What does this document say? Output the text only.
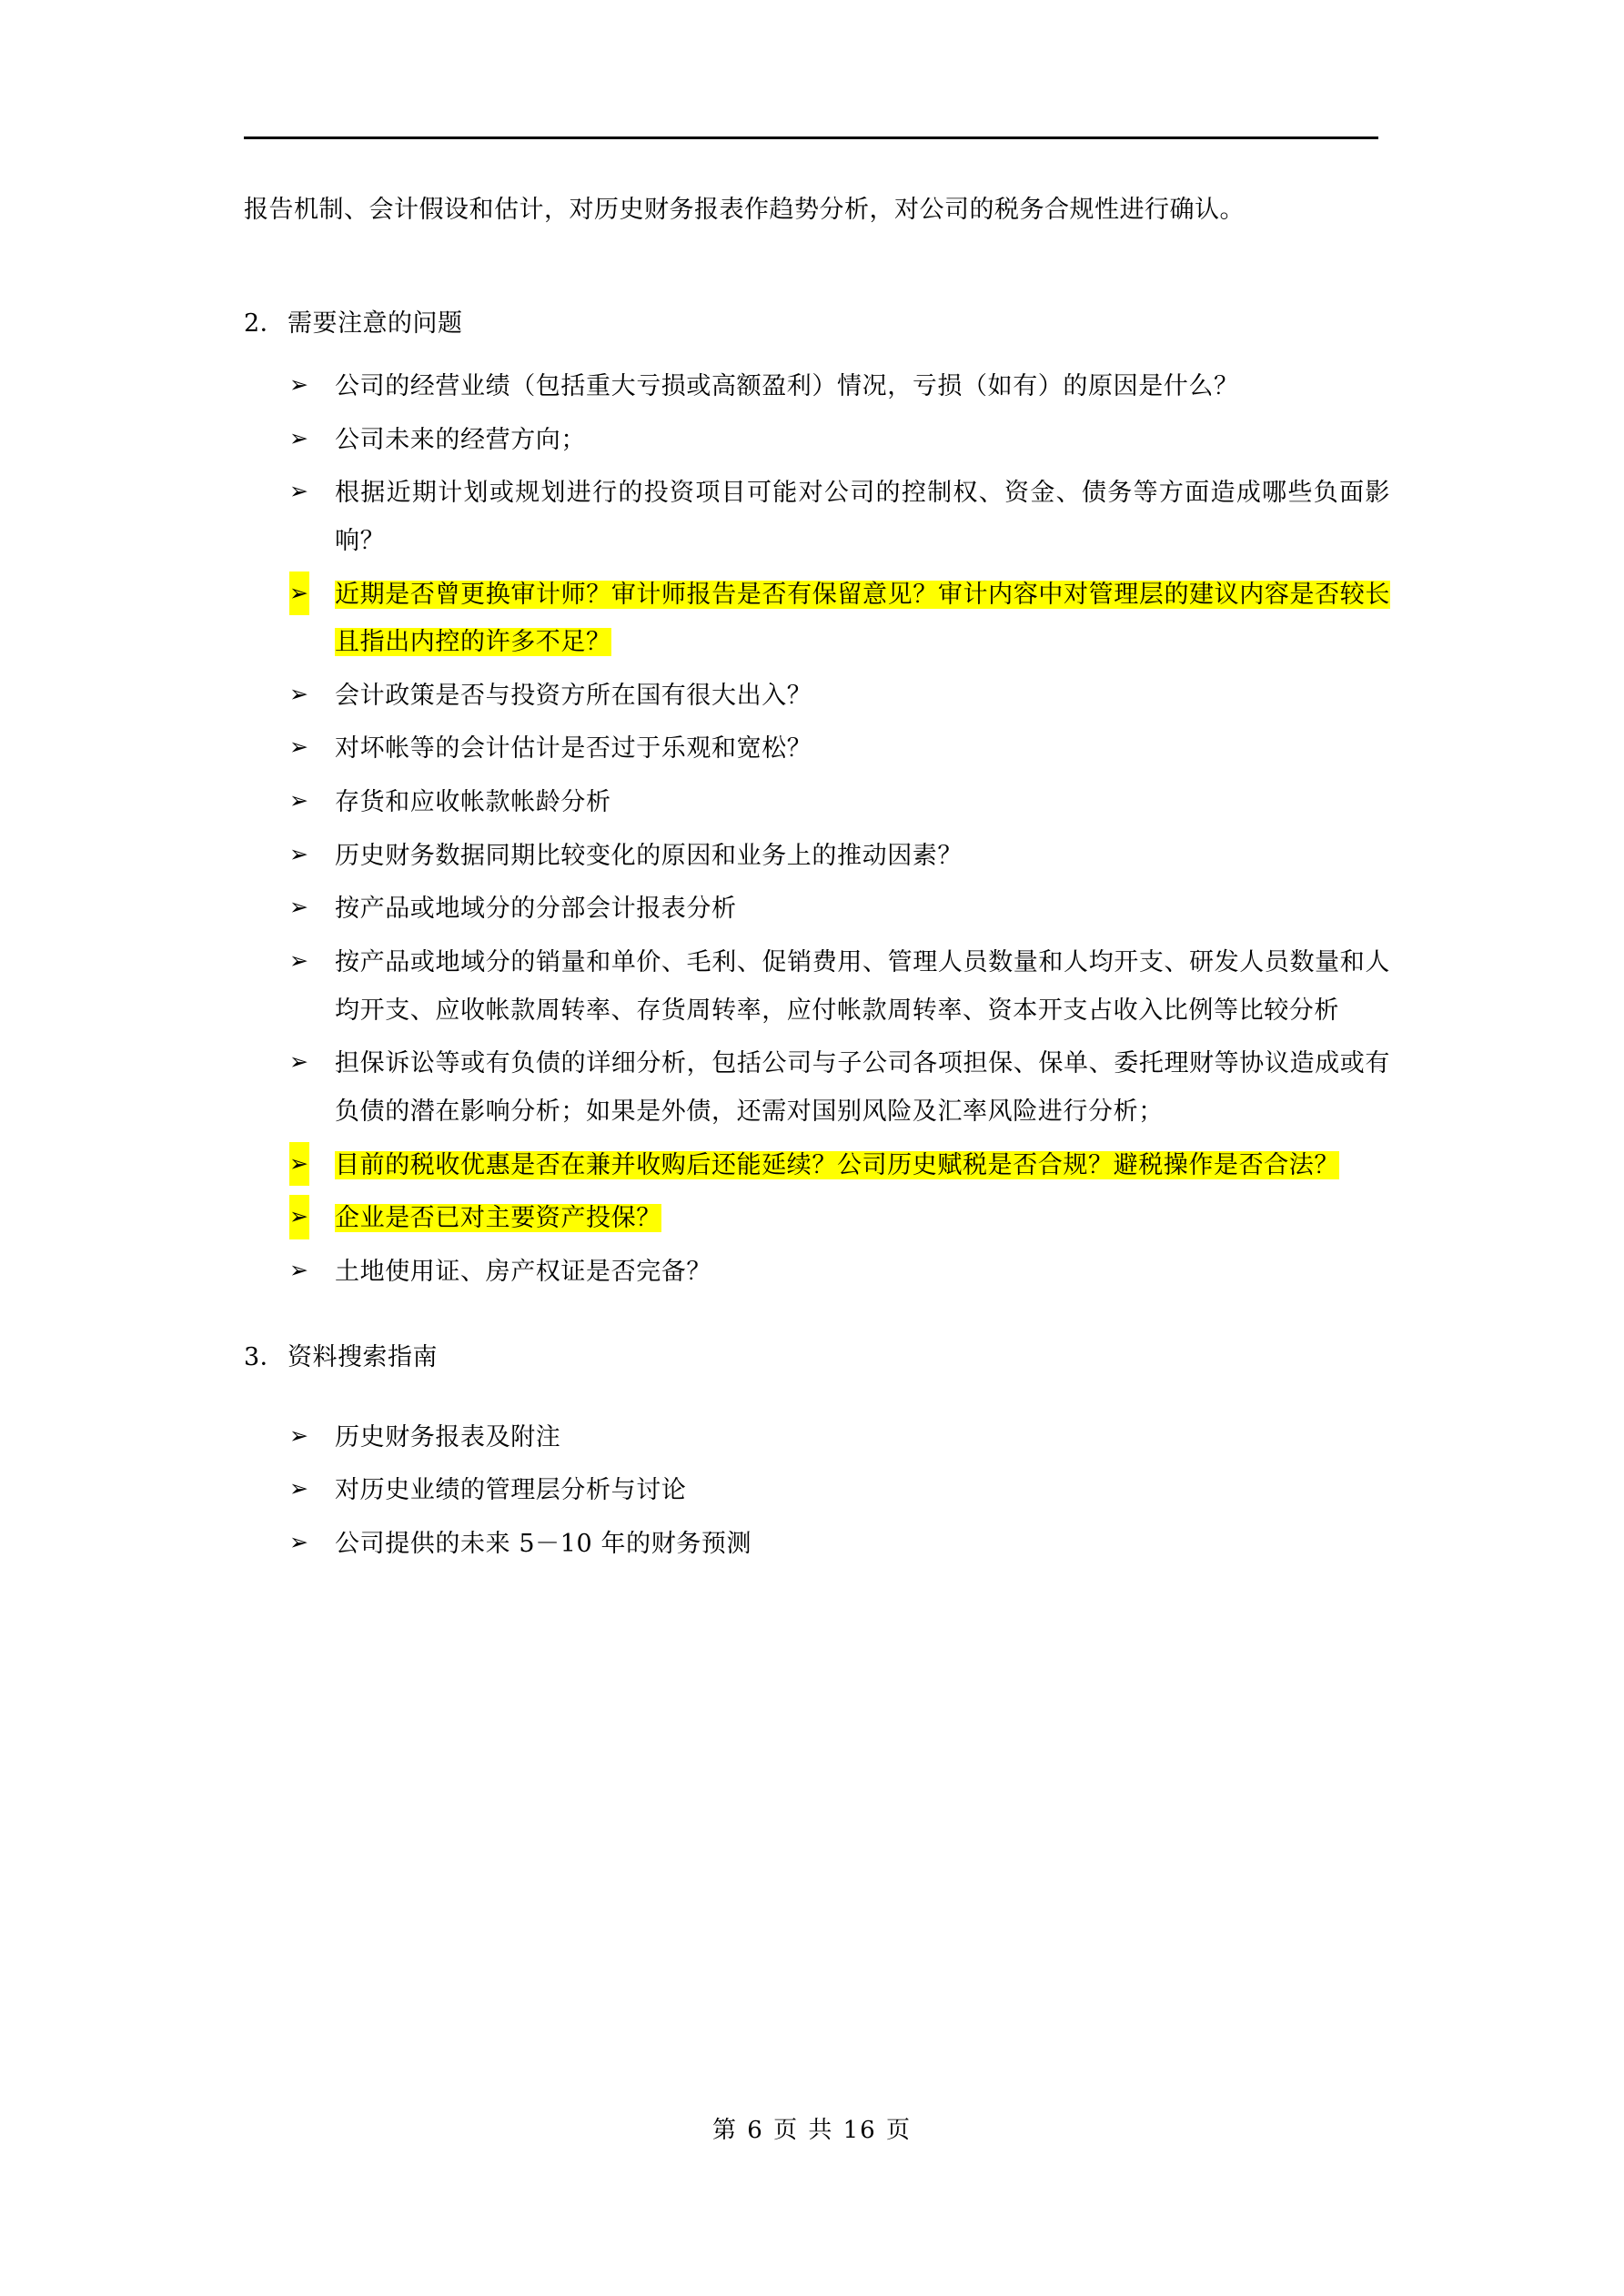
报告机制、会计假设和估计，对历史财务报表作趋势分析，对公司的税务合规性进行确认。

2． 需要注意的问题
➢ 公司的经营业绩（包括重大亏损或高额盈利）情况，亏损（如有）的原因是什么？
➢ 公司未来的经营方向；
➢ 根据近期计划或规划进行的投资项目可能对公司的控制权、资金、债务等方面造成哪些负面影响？
➢ 近期是否曾更换审计师？审计师报告是否有保留意见？审计内容中对管理层的建议内容是否较长且指出内控的许多不足？
➢ 会计政策是否与投资方所在国有很大出入？
➢ 对坏帐等的会计估计是否过于乐观和宽松？
➢ 存货和应收帐款帐龄分析
➢ 历史财务数据同期比较变化的原因和业务上的推动因素？
➢ 按产品或地域分的分部会计报表分析
➢ 按产品或地域分的销量和单价、毛利、促销费用、管理人员数量和人均开支、研发人员数量和人均开支、应收帐款周转率、存货周转率，应付帐款周转率、资本开支占收入比例等比较分析
➢ 担保诉讼等或有负债的详细分析，包括公司与子公司各项担保、保单、委托理财等协议造成或有负债的潜在影响分析；如果是外债，还需对国别风险及汇率风险进行分析；
➢ 目前的税收优惠是否在兼并收购后还能延续？公司历史赋税是否合规？避税操作是否合法？
➢ 企业是否已对主要资产投保？
➢ 土地使用证、房产权证是否完备？
3． 资料搜索指南
➢ 历史财务报表及附注
➢ 对历史业绩的管理层分析与讨论
➢ 公司提供的未来 5－10 年的财务预测
第 6 页 共 16 页
